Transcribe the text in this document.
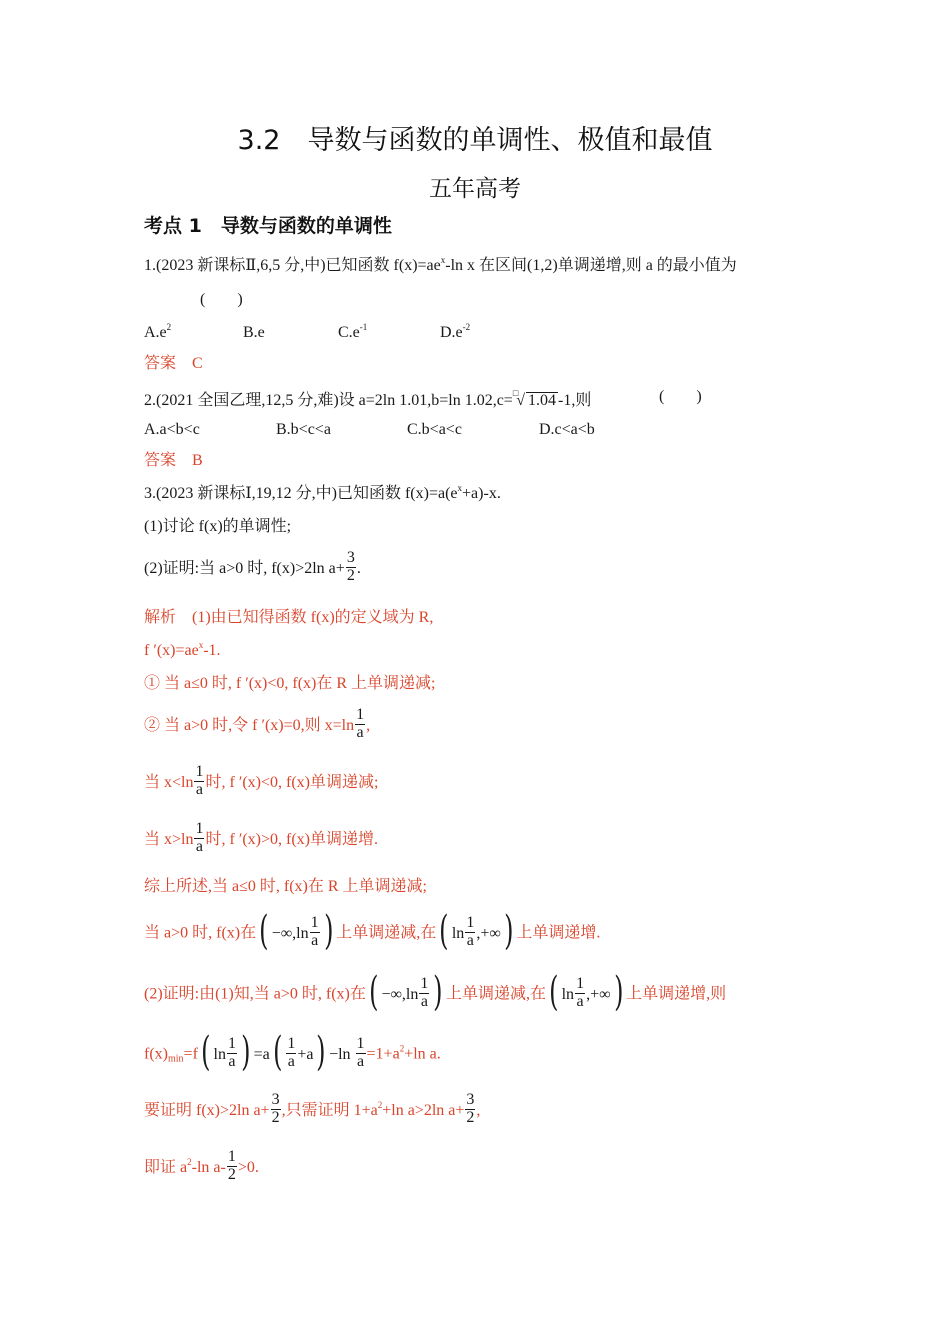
3.2　导数与函数的单调性、极值和最值
五年高考
考点 1　导数与函数的单调性
1.(2023 新课标Ⅱ,6,5 分,中)已知函数 $f(x)=ae^x-\ln$ x 在区间(1,2)单调递增,则 a 的最小值为
(　　)
$A.e^2$	B.e	$C.e^{-1}$	$D.e^{-2}$
答案　C
2.(2021 全国乙理,12,5 分,难)设 a=2ln 1.01,b=ln 1.02,c=□√ 1.04 -1,则	(　　)
A.a<b<c	B.b<c<a	C.b<a<c	D.c<a<b
答案　B
3.(2023 新课标Ⅰ,19,12 分,中)已知函数 $f(x)=a(e^x+a)-x$.
(1)讨论 f(x)的单调性;
(2)证明:当 a>0 时, f(x)>2ln $a+ \frac{3}{2}$ .
解析　(1)由已知得函数 f(x)的定义域为 R,
f $'(x)=ae^x-1$.
① 当 a≤0 时, f ′(x)<0, f(x)在 R 上单调递减;
② 当 a>0 时,令 f ′(x)=0,则 $x=\ln \frac{1}{a}$ ,
当 $x<\ln \frac{1}{a}$ 时, f ′(x)<0, f(x)单调递减;
当 $x>\ln \frac{1}{a}$ 时, f ′(x)>0, f(x)单调递增.
综上所述,当 a≤0 时, f(x)在 R 上单调递减;
当 a>0 时, f(x)在( $-\infty,\ln \frac{1}{a}$ ) 上单调递减,在( $\ln \frac{1}{a}$ ,+∞) 上单调递增.
(2)证明:由(1)知,当 a>0 时, f(x)在( $-\infty,\ln \frac{1}{a}$ ) 上单调递减,在( $\ln \frac{1}{a}$ ,+∞) 上单调递增,则
$f(x)_{min}=f$( $\ln \frac{1}{a}$ ) $=a( \frac{1}{a} +a) -\ln \frac{1}{a} =1+a^2+\ln$ a.
要证明 f(x)>2ln $a+ \frac{3}{2}$ ,只需证明 $1+a^2+\ln$ a>2ln $a+ \frac{3}{2}$ ,
即证 $a^2-\ln$ $a- \frac{1}{2} >0$.
